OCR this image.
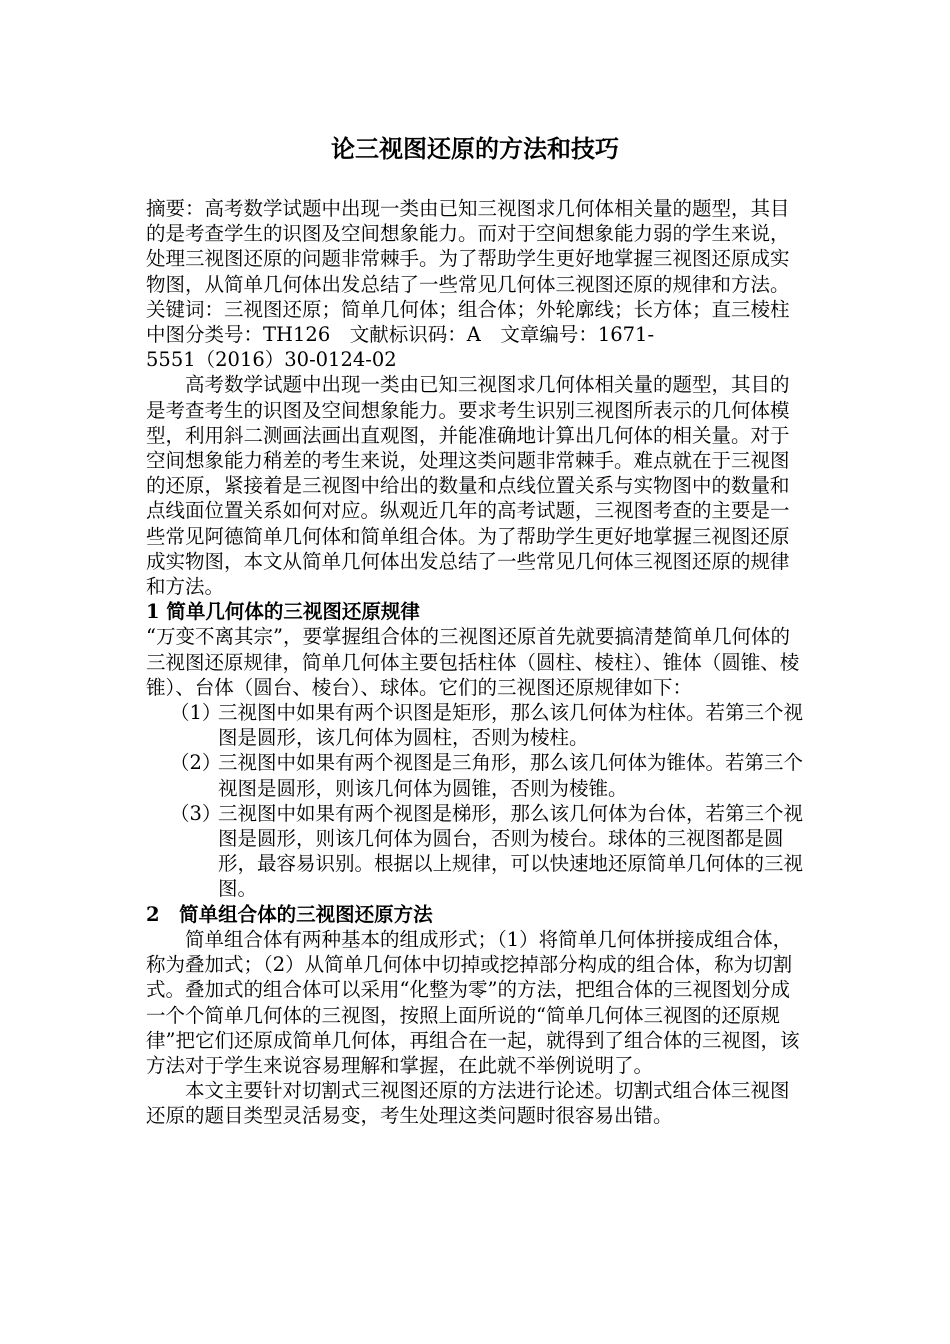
论三视图还原的方法和技巧

摘要：高考数学试题中出现一类由已知三视图求几何体相关量的题型，其目的是考查学生的识图及空间想象能力。而对于空间想象能力弱的学生来说，处理三视图还原的问题非常棘手。为了帮助学生更好地掌握三视图还原成实物图，从简单几何体出发总结了一些常见几何体三视图还原的规律和方法。

关键词：三视图还原；简单几何体；组合体；外轮廓线；长方体；直三棱柱

中图分类号：TH126　文献标识码：A　文章编号：1671-

5551（2016）30-0124-02

高考数学试题中出现一类由已知三视图求几何体相关量的题型，其目的是考查考生的识图及空间想象能力。要求考生识别三视图所表示的几何体模型，利用斜二测画法画出直观图，并能准确地计算出几何体的相关量。对于空间想象能力稍差的考生来说，处理这类问题非常棘手。难点就在于三视图的还原，紧接着是三视图中给出的数量和点线位置关系与实物图中的数量和点线面位置关系如何对应。纵观近几年的高考试题，三视图考查的主要是一些常见阿德简单几何体和简单组合体。为了帮助学生更好地掌握三视图还原成实物图，本文从简单几何体出发总结了一些常见几何体三视图还原的规律和方法。

1 简单几何体的三视图还原规律

“万变不离其宗”，要掌握组合体的三视图还原首先就要搞清楚简单几何体的三视图还原规律，简单几何体主要包括柱体（圆柱、棱柱）、锥体（圆锥、棱锥）、台体（圆台、棱台）、球体。它们的三视图还原规律如下：

（1）
三视图中如果有两个识图是矩形，那么该几何体为柱体。若第三个视图是圆形，该几何体为圆柱，否则为棱柱。
（2）
三视图中如果有两个视图是三角形，那么该几何体为锥体。若第三个视图是圆形，则该几何体为圆锥，否则为棱锥。
（3）
三视图中如果有两个视图是梯形，那么该几何体为台体，若第三个视图是圆形，则该几何体为圆台，否则为棱台。球体的三视图都是圆形，最容易识别。根据以上规律，可以快速地还原简单几何体的三视图。

2　简单组合体的三视图还原方法

简单组合体有两种基本的组成形式；（1）将简单几何体拼接成组合体，称为叠加式；（2）从简单几何体中切掉或挖掉部分构成的组合体，称为切割式。叠加式的组合体可以采用“化整为零”的方法，把组合体的三视图划分成一个个简单几何体的三视图，按照上面所说的“简单几何体三视图的还原规律”把它们还原成简单几何体，再组合在一起，就得到了组合体的三视图，该方法对于学生来说容易理解和掌握，在此就不举例说明了。

本文主要针对切割式三视图还原的方法进行论述。切割式组合体三视图还原的题目类型灵活易变，考生处理这类问题时很容易出错。
